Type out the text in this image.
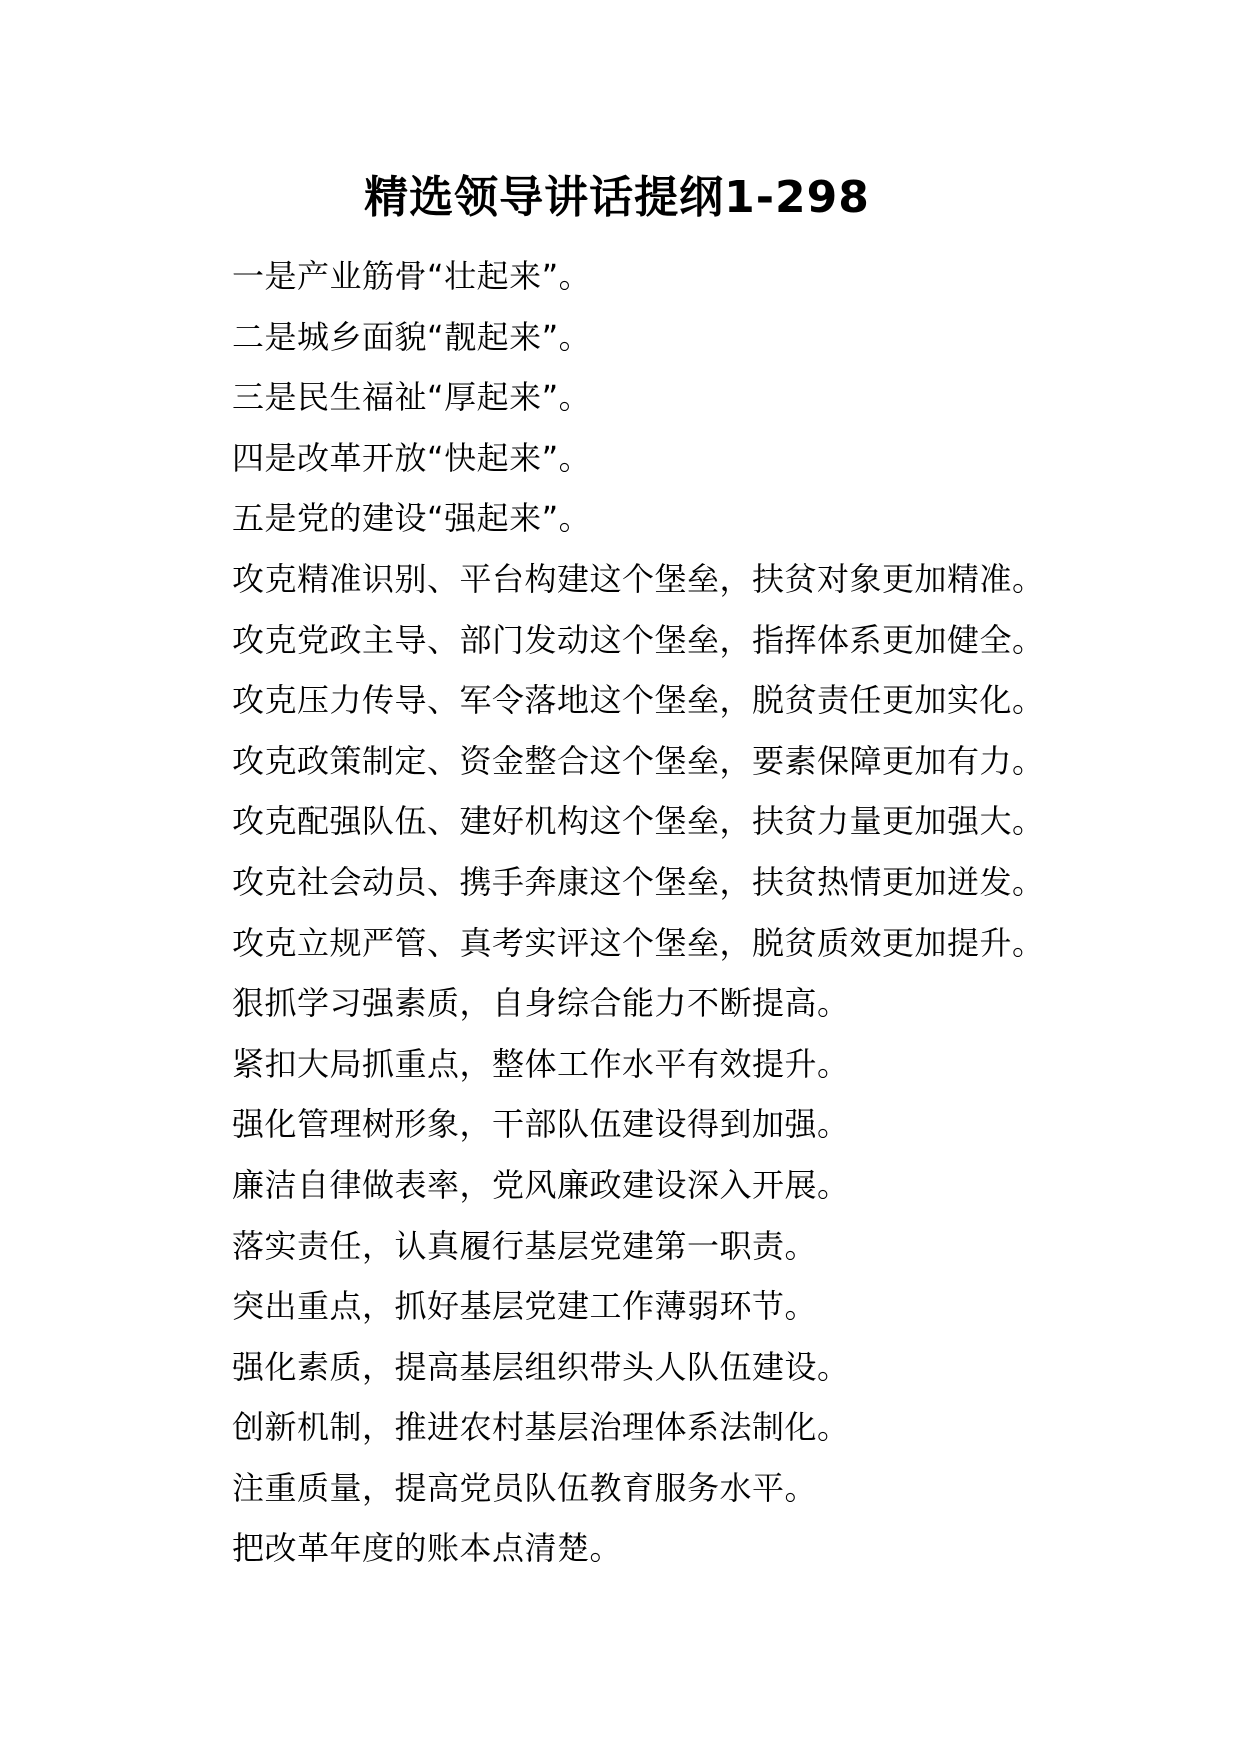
精选领导讲话提纲1-298
一是产业筋骨“壮起来”。
二是城乡面貌“靓起来”。
三是民生福祉“厚起来”。
四是改革开放“快起来”。
五是党的建设“强起来”。
攻克精准识别、平台构建这个堡垒，扶贫对象更加精准。
攻克党政主导、部门发动这个堡垒，指挥体系更加健全。
攻克压力传导、军令落地这个堡垒，脱贫责任更加实化。
攻克政策制定、资金整合这个堡垒，要素保障更加有力。
攻克配强队伍、建好机构这个堡垒，扶贫力量更加强大。
攻克社会动员、携手奔康这个堡垒，扶贫热情更加迸发。
攻克立规严管、真考实评这个堡垒，脱贫质效更加提升。
狠抓学习强素质，自身综合能力不断提高。
紧扣大局抓重点，整体工作水平有效提升。
强化管理树形象，干部队伍建设得到加强。
廉洁自律做表率，党风廉政建设深入开展。
落实责任，认真履行基层党建第一职责。
突出重点，抓好基层党建工作薄弱环节。
强化素质，提高基层组织带头人队伍建设。
创新机制，推进农村基层治理体系法制化。
注重质量，提高党员队伍教育服务水平。
把改革年度的账本点清楚。
